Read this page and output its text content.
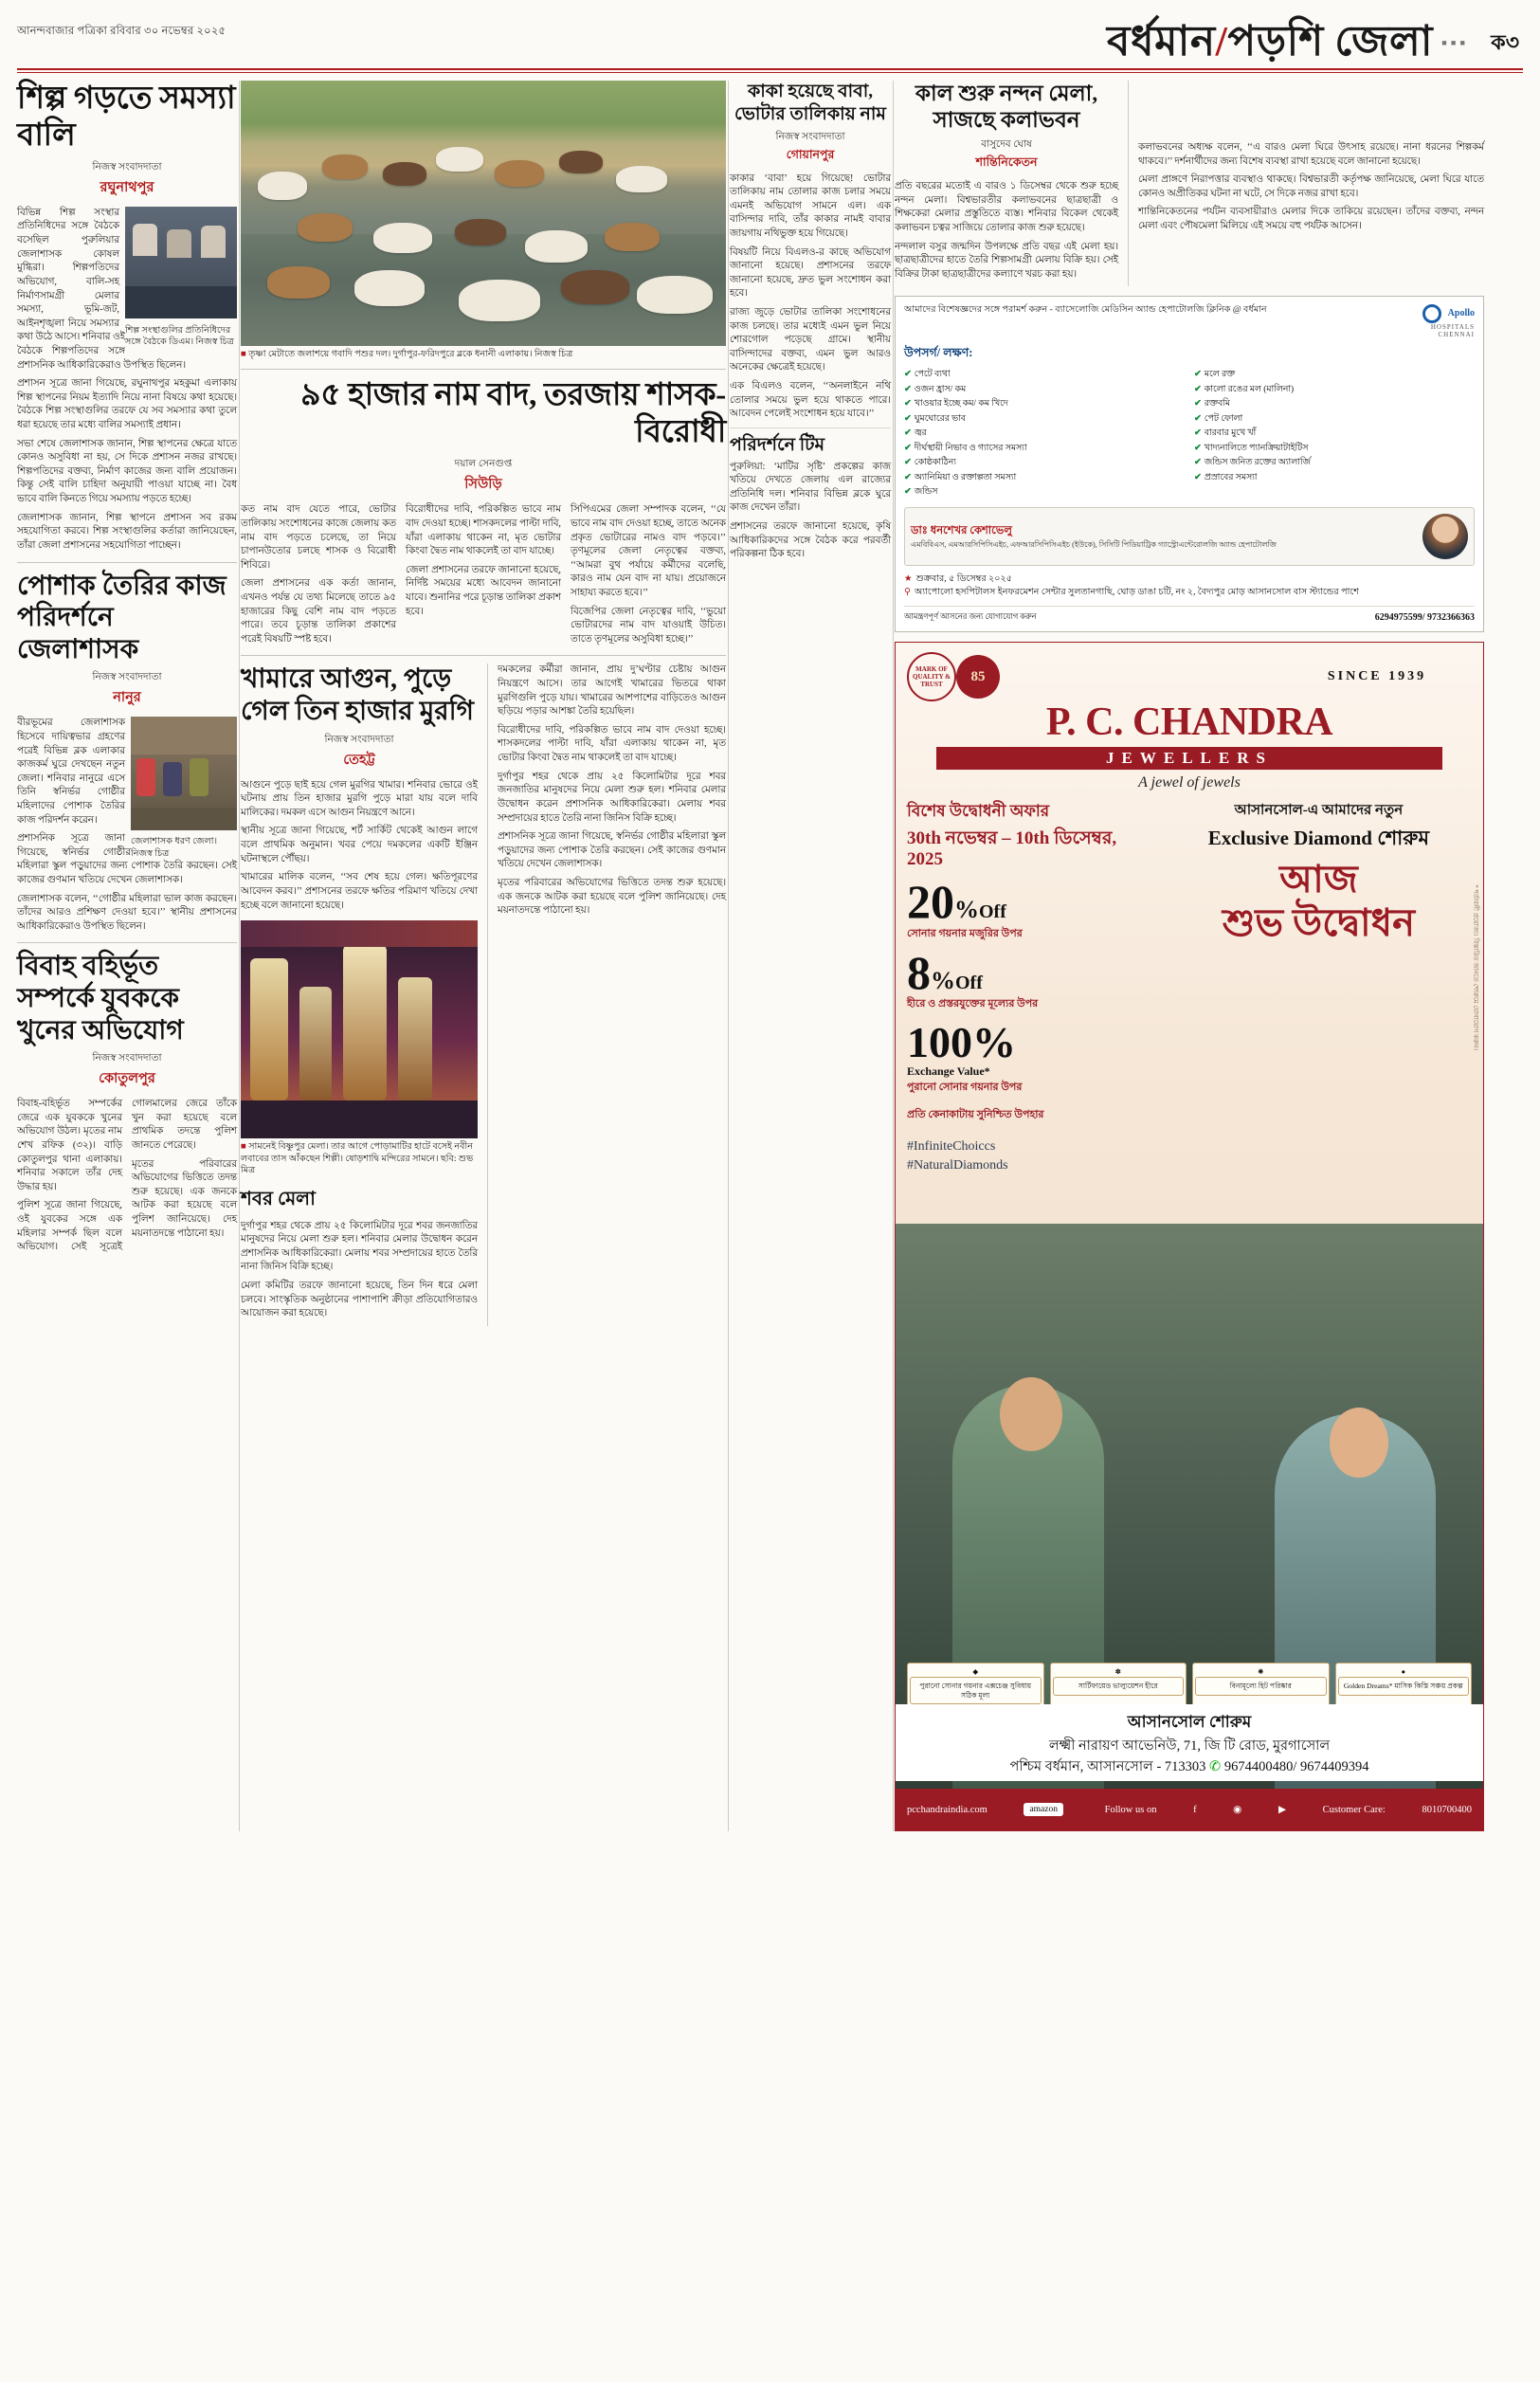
আনন্দবাজার পত্রিকা রবিবার ৩০ নভেম্বর ২০২৫	বর্ধমান/পড়শি জেলা ■ ■ ■ ক৩
শিল্প গড়তে সমস্যা বালি
নিজস্ব সংবাদদাতা
রঘুনাথপুর
শিল্প সংস্থাগুলির প্রতিনিধিদের সঙ্গে বৈঠকে ডিএম। নিজস্ব চিত্র

বিভিন্ন শিল্প সংস্থার প্রতিনিধিদের সঙ্গে বৈঠকে বসেছিল পুরুলিয়ার জেলাশাসক কোষল মুগ্ধিরা। শিল্পপতিদের অভিযোগ, বালি-সহ নির্মাণসামগ্রী মেলার সমস্যা, ভূমি-জট, আইনশৃঙ্খলা নিয়ে সমস্যার কথা উঠে আসে। শনিবার ওই বৈঠকে শিল্পপতিদের সঙ্গে প্রশাসনিক আধিকারিকেরাও উপস্থিত ছিলেন।

প্রশাসন সূত্রে জানা গিয়েছে, রঘুনাথপুর মহকুমা এলাকায় শিল্প স্থাপনের নিয়ম ইত্যাদি নিয়ে নানা বিষয়ে কথা হয়েছে। বৈঠকে শিল্প সংস্থাগুলির তরফে যে সব সমস্যার কথা তুলে ধরা হয়েছে তার মধ্যে বালির সমস্যাই প্রধান।

সভা শেষে জেলাশাসক জানান, শিল্প স্থাপনের ক্ষেত্রে যাতে কোনও অসুবিধা না হয়, সে দিকে প্রশাসন নজর রাখছে। শিল্পপতিদের বক্তব্য, নির্মাণ কাজের জন্য বালি প্রয়োজন। কিন্তু সেই বালি চাহিদা অনুযায়ী পাওয়া যাচ্ছে না। বৈধ ভাবে বালি কিনতে গিয়ে সমস্যায় পড়তে হচ্ছে।

জেলাশাসক জানান, শিল্প স্থাপনে প্রশাসন সব রকম সহযোগিতা করবে। শিল্প সংস্থাগুলির কর্তারা জানিয়েছেন, তাঁরা জেলা প্রশাসনের সহযোগিতা পাচ্ছেন।

পোশাক তৈরির কাজ পরিদর্শনে জেলাশাসক
নিজস্ব সংবাদদাতা
নানুর
জেলাশাসক ধরণ জেলা। নিজস্ব চিত্র

বীরভূমের জেলাশাসক হিসেবে দায়িত্বভার গ্রহণের পরেই বিভিন্ন ব্লক এলাকার কাজকর্ম ঘুরে দেখছেন নতুন জেলা। শনিবার নানুরে এসে তিনি স্বনির্ভর গোষ্ঠীর মহিলাদের পোশাক তৈরির কাজ পরিদর্শন করেন।

প্রশাসনিক সূত্রে জানা গিয়েছে, স্বনির্ভর গোষ্ঠীর মহিলারা স্কুল পড়ুয়াদের জন্য পোশাক তৈরি করছেন। সেই কাজের গুণমান খতিয়ে দেখেন জেলাশাসক।

জেলাশাসক বলেন, ‘‘গোষ্ঠীর মহিলারা ভাল কাজ করছেন। তাঁদের আরও প্রশিক্ষণ দেওয়া হবে।’’ স্থানীয় প্রশাসনের আধিকারিকেরাও উপস্থিত ছিলেন।

বিবাহ বহির্ভূত সম্পর্কে যুবককে খুনের অভিযোগ
নিজস্ব সংবাদদাতা
কোতুলপুর

বিবাহ-বহির্ভূত সম্পর্কের জেরে এক যুবককে খুনের অভিযোগ উঠল। মৃতের নাম শেখ রফিক (৩২)। বাড়ি কোতুলপুর থানা এলাকায়। শনিবার সকালে তাঁর দেহ উদ্ধার হয়।

পুলিশ সূত্রে জানা গিয়েছে, ওই যুবকের সঙ্গে এক মহিলার সম্পর্ক ছিল বলে অভিযোগ। সেই সূত্রেই গোলমালের জেরে তাঁকে খুন করা হয়েছে বলে প্রাথমিক তদন্তে পুলিশ জানতে পেরেছে।

মৃতের পরিবারের অভিযোগের ভিত্তিতে তদন্ত শুরু হয়েছে। এক জনকে আটক করা হয়েছে বলে পুলিশ জানিয়েছে। দেহ ময়নাতদন্তে পাঠানো হয়।

■ তৃষ্ণা মেটাতে জলাশয়ে গবাদি পশুর দল। দুর্গাপুর-ফরিদপুরে ব্লকে ধনানী এলাকায়। নিজস্ব চিত্র
৯৫ হাজার নাম বাদ, তরজায় শাসক-বিরোধী
দয়াল সেনগুপ্ত
সিউড়ি

কত নাম বাদ যেতে পারে, ভোটার তালিকায় সংশোধনের কাজে জেলায় কত নাম বাদ পড়তে চলেছে, তা নিয়ে চাপানউতোর চলছে শাসক ও বিরোধী শিবিরে।

জেলা প্রশাসনের এক কর্তা জানান, এখনও পর্যন্ত যে তথ্য মিলেছে তাতে ৯৫ হাজারের কিছু বেশি নাম বাদ পড়তে পারে। তবে চূড়ান্ত তালিকা প্রকাশের পরেই বিষয়টি স্পষ্ট হবে।

বিরোধীদের দাবি, পরিকল্পিত ভাবে নাম বাদ দেওয়া হচ্ছে। শাসকদলের পাল্টা দাবি, যাঁরা এলাকায় থাকেন না, মৃত ভোটার কিংবা দ্বৈত নাম থাকলেই তা বাদ যাচ্ছে।

জেলা প্রশাসনের তরফে জানানো হয়েছে, নির্দিষ্ট সময়ের মধ্যে আবেদন জানানো যাবে। শুনানির পরে চূড়ান্ত তালিকা প্রকাশ হবে।

সিপিএমের জেলা সম্পাদক বলেন, ‘‘যে ভাবে নাম বাদ দেওয়া হচ্ছে, তাতে অনেক প্রকৃত ভোটারের নামও বাদ পড়বে।’’ তৃণমূলের জেলা নেতৃত্বের বক্তব্য, ‘‘আমরা বুথ পর্যায়ে কর্মীদের বলেছি, কারও নাম যেন বাদ না যায়। প্রয়োজনে সাহায্য করতে হবে।’’

বিজেপির জেলা নেতৃত্বের দাবি, ‘‘ভুয়ো ভোটারদের নাম বাদ যাওয়াই উচিত। তাতে তৃণমূলের অসুবিধা হচ্ছে।’’

খামারে আগুন, পুড়ে গেল তিন হাজার মুরগি
নিজস্ব সংবাদদাতা
তেহট্ট

আগুনে পুড়ে ছাই হয়ে গেল মুরগির খামার। শনিবার ভোরে ওই ঘটনায় প্রায় তিন হাজার মুরগি পুড়ে মারা যায় বলে দাবি মালিকের। দমকল এসে আগুন নিয়ন্ত্রণে আনে।

স্থানীয় সূত্রে জানা গিয়েছে, শর্ট সার্কিট থেকেই আগুন লাগে বলে প্রাথমিক অনুমান। খবর পেয়ে দমকলের একটি ইঞ্জিন ঘটনাস্থলে পৌঁছয়।

খামারের মালিক বলেন, ‘‘সব শেষ হয়ে গেল। ক্ষতিপূরণের আবেদন করব।’’ প্রশাসনের তরফে ক্ষতির পরিমাণ খতিয়ে দেখা হচ্ছে বলে জানানো হয়েছে।

■ সামনেই বিষ্ণুপুর মেলা। তার আগে পোড়ামাটির হাটে বসেই নবীন লবাবের তাস আঁকছেন শিল্পী। ষোড়শাদ্বি মন্দিরের সামনে। ছবি: শুভ মিত্র
শবর মেলা

দুর্গাপুর শহর থেকে প্রায় ২৫ কিলোমিটার দূরে শবর জনজাতির মানুষদের নিয়ে মেলা শুরু হল। শনিবার মেলার উদ্বোধন করেন প্রশাসনিক আধিকারিকেরা। মেলায় শবর সম্প্রদায়ের হাতে তৈরি নানা জিনিস বিক্রি হচ্ছে।

মেলা কমিটির তরফে জানানো হয়েছে, তিন দিন ধরে মেলা চলবে। সাংস্কৃতিক অনুষ্ঠানের পাশাপাশি ক্রীড়া প্রতিযোগিতারও আয়োজন করা হয়েছে।

দমকলের কর্মীরা জানান, প্রায় দু’ঘণ্টার চেষ্টায় আগুন নিয়ন্ত্রণে আসে। তার আগেই খামারের ভিতরে থাকা মুরগিগুলি পুড়ে যায়। খামারের আশপাশের বাড়িতেও আগুন ছড়িয়ে পড়ার আশঙ্কা তৈরি হয়েছিল।

বিরোধীদের দাবি, পরিকল্পিত ভাবে নাম বাদ দেওয়া হচ্ছে। শাসকদলের পাল্টা দাবি, যাঁরা এলাকায় থাকেন না, মৃত ভোটার কিংবা দ্বৈত নাম থাকলেই তা বাদ যাচ্ছে।

দুর্গাপুর শহর থেকে প্রায় ২৫ কিলোমিটার দূরে শবর জনজাতির মানুষদের নিয়ে মেলা শুরু হল। শনিবার মেলার উদ্বোধন করেন প্রশাসনিক আধিকারিকেরা। মেলায় শবর সম্প্রদায়ের হাতে তৈরি নানা জিনিস বিক্রি হচ্ছে।

প্রশাসনিক সূত্রে জানা গিয়েছে, স্বনির্ভর গোষ্ঠীর মহিলারা স্কুল পড়ুয়াদের জন্য পোশাক তৈরি করছেন। সেই কাজের গুণমান খতিয়ে দেখেন জেলাশাসক।

মৃতের পরিবারের অভিযোগের ভিত্তিতে তদন্ত শুরু হয়েছে। এক জনকে আটক করা হয়েছে বলে পুলিশ জানিয়েছে। দেহ ময়নাতদন্তে পাঠানো হয়।

কাকা হয়েছে বাবা, ভোটার তালিকায় নাম
নিজস্ব সংবাদদাতা
গোয়ানপুর

কাকার ‘বাবা’ হয়ে গিয়েছে! ভোটার তালিকায় নাম তোলার কাজ চলার সময়ে এমনই অভিযোগ সামনে এল। এক বাসিন্দার দাবি, তাঁর কাকার নামই বাবার জায়গায় নথিভুক্ত হয়ে গিয়েছে।

বিষয়টি নিয়ে বিএলও-র কাছে অভিযোগ জানানো হয়েছে। প্রশাসনের তরফে জানানো হয়েছে, দ্রুত ভুল সংশোধন করা হবে।

রাজ্য জুড়ে ভোটার তালিকা সংশোধনের কাজ চলছে। তার মধ্যেই এমন ভুল নিয়ে শোরগোল পড়েছে গ্রামে। স্থানীয় বাসিন্দাদের বক্তব্য, এমন ভুল আরও অনেকের ক্ষেত্রেই হয়েছে।

এক বিএলও বলেন, ‘‘অনলাইনে নথি তোলার সময়ে ভুল হয়ে থাকতে পারে। আবেদন পেলেই সংশোধন হয়ে যাবে।’’

পরিদর্শনে টিম

পুরুলিয়া: ‘মাটির সৃষ্টি’ প্রকল্পের কাজ খতিয়ে দেখতে জেলায় এল রাজ্যের প্রতিনিধি দল। শনিবার বিভিন্ন ব্লকে ঘুরে কাজ দেখেন তাঁরা।

প্রশাসনের তরফে জানানো হয়েছে, কৃষি আধিকারিকদের সঙ্গে বৈঠক করে পরবর্তী পরিকল্পনা ঠিক হবে।

কাল শুরু নন্দন মেলা, সাজছে কলাভবন
বাসুদেব ঘোষ
শান্তিনিকেতন

প্রতি বছরের মতোই এ বারও ১ ডিসেম্বর থেকে শুরু হচ্ছে নন্দন মেলা। বিশ্বভারতীর কলাভবনের ছাত্রছাত্রী ও শিক্ষকেরা মেলার প্রস্তুতিতে ব্যস্ত। শনিবার বিকেল থেকেই কলাভবন চত্বর সাজিয়ে তোলার কাজ শুরু হয়েছে।

নন্দলাল বসুর জন্মদিন উপলক্ষে প্রতি বছর এই মেলা হয়। ছাত্রছাত্রীদের হাতে তৈরি শিল্পসামগ্রী মেলায় বিক্রি হয়। সেই বিক্রির টাকা ছাত্রছাত্রীদের কল্যাণে খরচ করা হয়।

কলাভবনের অধ্যক্ষ বলেন, ‘‘এ বারও মেলা ঘিরে উৎসাহ রয়েছে। নানা ধরনের শিল্পকর্ম থাকবে।’’ দর্শনার্থীদের জন্য বিশেষ ব্যবস্থা রাখা হয়েছে বলে জানানো হয়েছে।

মেলা প্রাঙ্গণে নিরাপত্তার ব্যবস্থাও থাকছে। বিশ্বভারতী কর্তৃপক্ষ জানিয়েছে, মেলা ঘিরে যাতে কোনও অপ্রীতিকর ঘটনা না ঘটে, সে দিকে নজর রাখা হবে।

শান্তিনিকেতনের পর্যটন ব্যবসায়ীরাও মেলার দিকে তাকিয়ে রয়েছেন। তাঁদের বক্তব্য, নন্দন মেলা এবং পৌষমেলা মিলিয়ে এই সময়ে বহু পর্যটক আসেন।

আমাদের বিশেষজ্ঞদের সঙ্গে পরামর্শ করুন - ব্যাসেলোজি মেডিসিন অ্যান্ড হেপাটোলজি ক্লিনিক @ বর্ধমান	Apollo
HOSPITALS
CHENNAI
উপসর্গ/ লক্ষণ:
✔ পেটে ব্যথা	✔ মলে রক্ত
✔ ওজন হ্রাস/ কম	✔ কালো রঙের মল (মালিনা)
✔ খাওয়ার ইচ্ছে কম/ কম খিদে	✔ রক্তবমি
✔ ঘুমঘোরের ভাব	✔ পেট ফোলা
✔ জ্বর	✔ বারবার মুখে খাঁ
✔ দীর্ঘস্থায়ী নিভাব ও গ্যাসের সমস্যা	✔ খাদ্যনালিতে প্যানক্রিয়াটাইটিস
✔ কোষ্ঠকাঠিন্য	✔ জন্ডিস জনিত রক্তের অ্যালার্জি
✔ অ্যানিমিয়া ও রক্তাল্পতা সমস্যা	✔ প্রস্রাবের সমস্যা
✔ জন্ডিস
ডাঃ ধনশেখর কেশাভেলু
এমবিবিএস, এমআরসিপিসিএইচ, এফআরসিপিসিএইচ (ইউকে), সিসিটি পিডিয়াট্রিক গ্যাস্ট্রোএন্টেরোলজি অ্যান্ড হেপাটোলজি
★ শুক্রবার, ৫ ডিসেম্বর ২০২৫
⚲ অ্যাপোলো হসপিটালস ইনফরমেশন সেন্টার সুলতানগাছি, ঘোড় ডাঙা চটি, নং ২, বৈদ্যপুর মোড় আসানসোল বাস স্ট্যান্ডের পাশে
আমন্ত্রণপূর্ণ আসনের জন্য যোগাযোগ করুন	6294975599/ 9732366363
MARK OF QUALITY & TRUST
85	SINCE 1939
P. C. CHANDRA
JEWELLERS
A jewel of jewels
বিশেষ উদ্বোধনী অফার
30th নভেম্বর – 10th ডিসেম্বর, 2025
20%Off
সোনার গয়নার মজুরির উপর
8%Off
হীরে ও প্রস্তরযুক্তের মূল্যের উপর
100%
Exchange Value*
পুরানো সোনার গয়নার উপর
প্রতি কেনাকাটায় সুনিশ্চিত উপহার
#InfiniteChoiccs
#NaturalDiamonds
আসানসোল-এ আমাদের নতুন
Exclusive Diamond শোরুম
আজ
শুভ উদ্বোধন
◆
পুরানো সোনার গয়নার এক্সচেঞ্জ সুবিধায় সঠিক মূল্য
✽
সার্টিফায়েড ভাল্যুয়েশন হীরে
✺
বিনামূল্যে হিট পরিষ্কার
●
Golden Dreams* মাসিক কিস্তি সঞ্চয় প্রকল্প
আসানসোল শোরুম
লক্ষ্মী নারায়ণ আভেনিউ, 71, জি টি রোড, মুরগাসোল
পশ্চিম বর্ধমান, আসানসোল - 713303 ✆ 9674400480/ 9674409394
pcchandraindia.com	amazon	Follow us on	f	◉	▶	Customer Care:	8010700400
* শর্তাবলী প্রযোজ্য। বিস্তারিত জানতে শোরুমে যোগাযোগ করুন।
